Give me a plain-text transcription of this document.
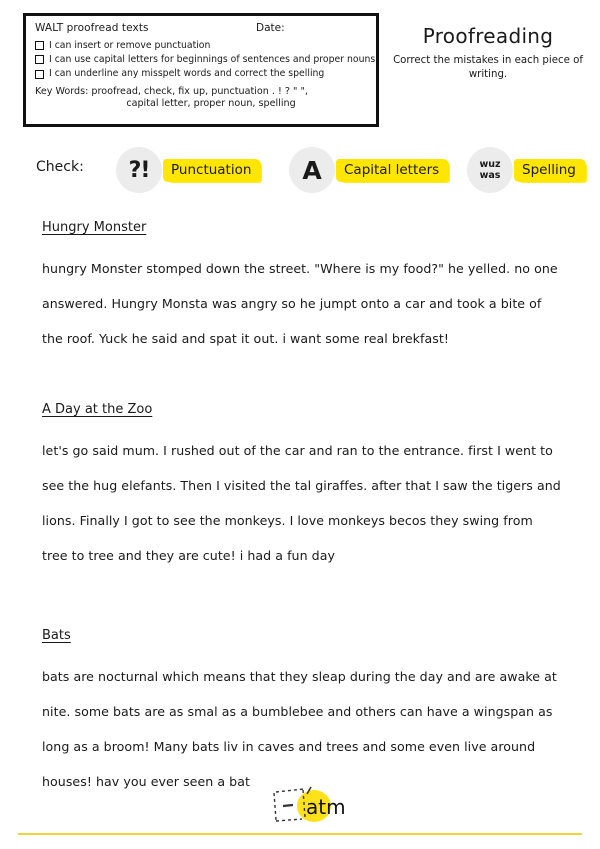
WALT proofread texts	Date:
I can insert or remove punctuation
I can use capital letters for beginnings of sentences and proper nouns
I can underline any misspelt words and correct the spelling
Key Words: proofread, check, fix up, punctuation . ! ? " ",
capital letter, proper noun, spelling
Proofreading
Correct the mistakes in each piece of writing.
Check:	?!	Punctuation	A	Capital letters	wuz
was	Spelling
Hungry Monster
hungry Monster stomped down the street. "Where is my food?" he yelled. no one answered. Hungry Monsta was angry so he jumpt onto a car and took a bite of the roof. Yuck he said and spat it out. i want some real brekfast!
A Day at the Zoo
let's go said mum. I rushed out of the car and ran to the entrance. first I went to see the hug elefants. Then I visited the tal giraffes. after that I saw the tigers and lions. Finally I got to see the monkeys. I love monkeys becos they swing from tree to tree and they are cute! i had a fun day
Bats
bats are nocturnal which means that they sleap during the day and are awake at nite. some bats are as smal as a bumblebee and others can have a wingspan as long as a broom! Many bats liv in caves and trees and some even live around houses! hav you ever seen a bat
atm
